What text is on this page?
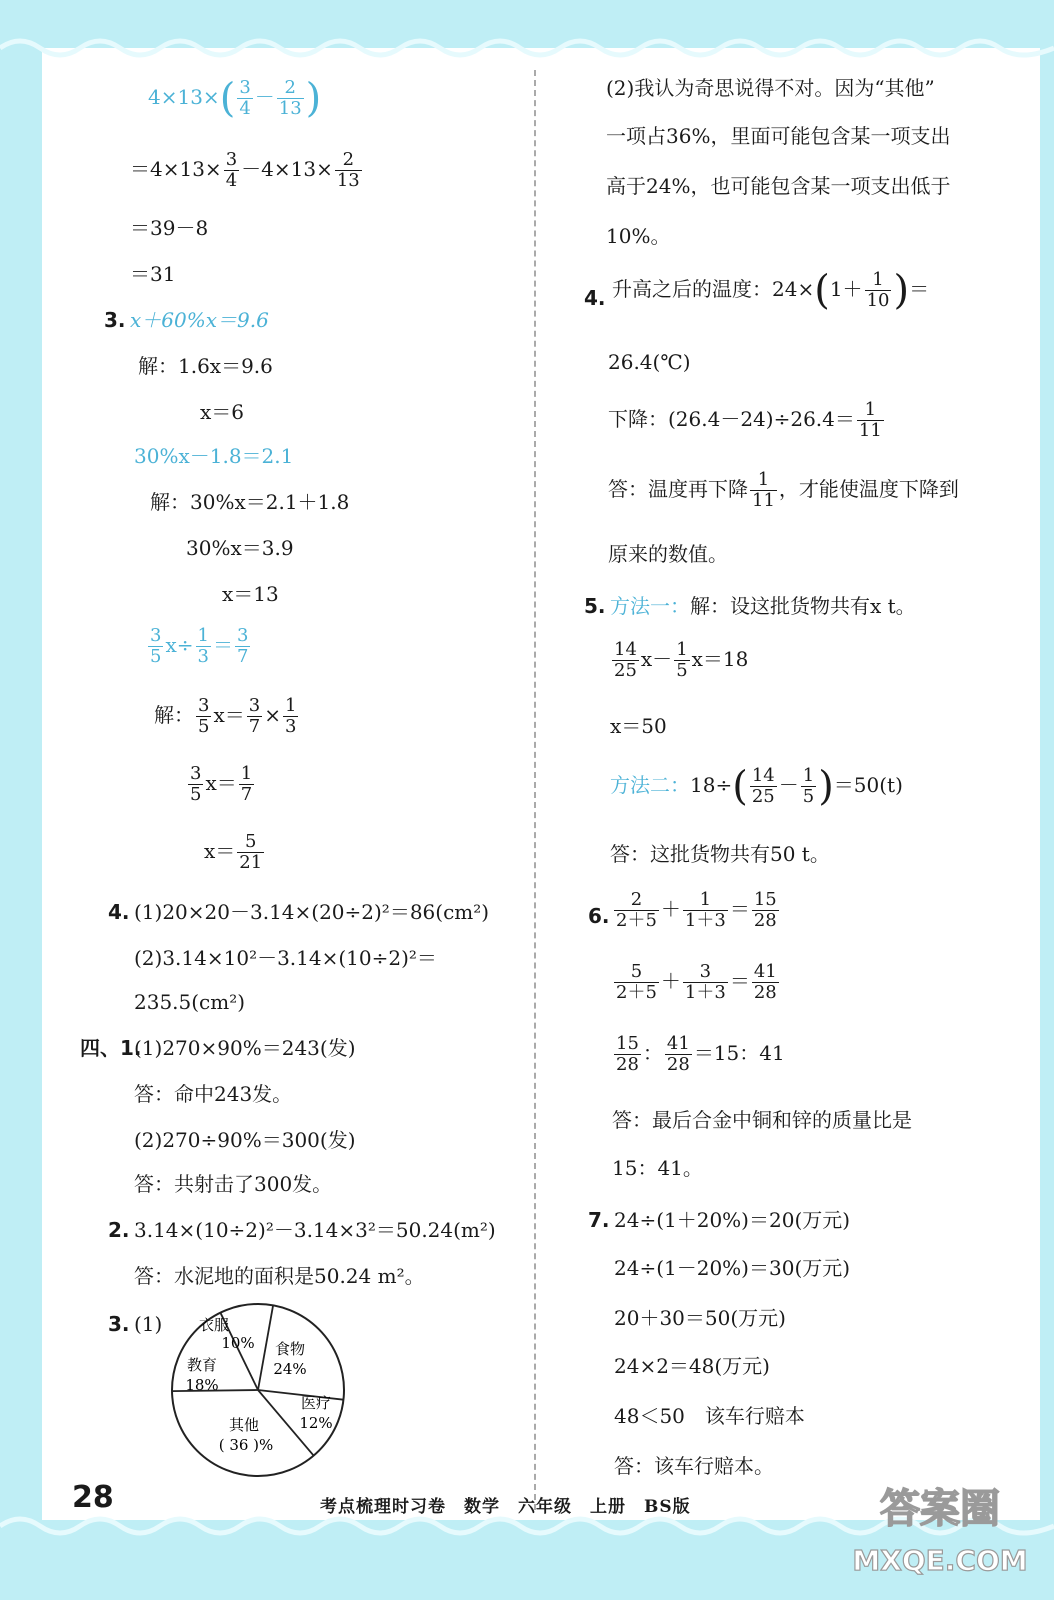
$4\times 13\times( \frac{3}{4} - \frac{2}{13}$ )
$=4\times 13\times \frac{3}{4} -4\times 13\times \frac{2}{13}$
＝39－8
＝31
3. x＋60%x＝9.6
解：1.6x＝9.6
x＝6
30%x－1.8＝2.1
解：30%x＝2.1＋1.8
30%x＝3.9
x＝13
$\frac{3}{5} x\div \frac{1}{3} = \frac{3}{7}$
解： $\frac{3}{5} x= \frac{3}{7} \times \frac{1}{3}$
$\frac{3}{5} x= \frac{1}{7}$
$x= \frac{5}{21}$
4. (1)20×20－3.14×(20÷2)²＝86(cm²)
(2)3.14×10²－3.14×(10÷2)²＝
235.5(cm²)
四、1.
(1)270×90%＝243(发)
答：命中243发。
(2)270÷90%＝300(发)
答：共射击了300发。
2. 3.14×(10÷2)²－3.14×3²＝50.24(m²)
答：水泥地的面积是50.24 m²。
3. (1) 衣服
10% 食物
24%
医疗
12%
其他
( 36 )%
教育
18%
(2)我认为奇思说得不对。因为“其他”
一项占36%，里面可能包含某一项支出
高于24%，也可能包含某一项支出低于
10%。
4. 升高之后的温度：$24\times(1+ \frac{1}{10}$ )＝
26.4(℃)
下降：$(26.4-24)\div 26.4= \frac{1}{11}$
答：温度再下降 $\frac{1}{11}$ ，才能使温度下降到
原来的数值。
5. 方法一：解：设这批货物共有x t。
$\frac{14}{25} x- \frac{1}{5} x=18$
x＝50
方法二：$18\div( \frac{14}{25} - \frac{1}{5} )=50(t)$
答：这批货物共有50 t。
6. $\frac{2}{2+5} + \frac{1}{1+3} = \frac{15}{28}$
$\frac{5}{2+5} + \frac{3}{1+3} = \frac{41}{28}$
$\frac{15}{28}$ ： $\frac{41}{28} =15$：41
答：最后合金中铜和锌的质量比是
15：41。
7. 24÷(1＋20%)＝20(万元)
24÷(1－20%)＝30(万元)
20＋30＝50(万元)
24×2＝48(万元)
48＜50　该车行赔本
答：该车行赔本。
28	考点梳理时习卷　数学　六年级　上册　BS版	答案圈
MXQE.COM
